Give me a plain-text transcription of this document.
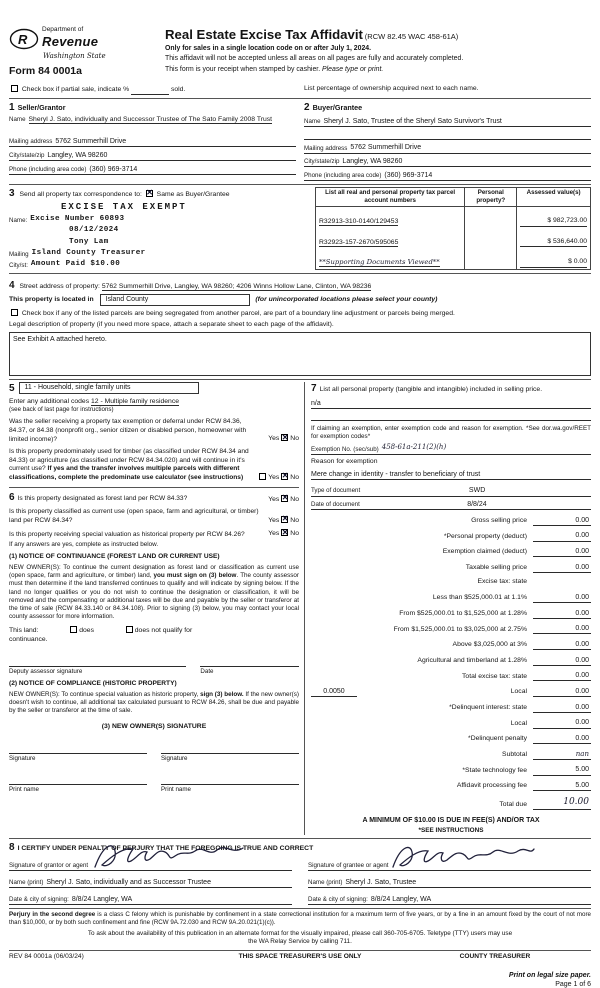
R
Department of
Revenue
Washington State
Form 84 0001a
Real Estate Excise Tax Affidavit (RCW 82.45 WAC 458-61A)
Only for sales in a single location code on or after July 1, 2024.
This affidavit will not be accepted unless all areas on all pages are fully and accurately completed.
This form is your receipt when stamped by cashier. Please type or print.
Check box if partial sale, indicate %	sold.	List percentage of ownership acquired next to each name.
1 Seller/Grantor
Name Sheryl J. Sato, individually and Successor Trustee of The Sato Family 2008 Trust
Mailing address 5762 Summerhill Drive
City/state/zip Langley, WA 98260
Phone (including area code) (360) 969-3714
2 Buyer/Grantee
Name Sheryl J. Sato, Trustee of the Sheryl Sato Survivor's Trust
Mailing address 5762 Summerhill Drive
City/state/zip Langley, WA 98260
Phone (including area code) (360) 969-3714
3 Send all property tax correspondence to: ✕ Same as Buyer/Grantee
EXCISE TAX EXEMPT
Name: Excise Number 60893
08/12/2024
Tony Lam
Mailing Island County Treasurer
City/st: Amount Paid $10.00
List all real and personal property tax parcel account numbers	Personal property?	Assessed value(s)
R32913-310-0140/129453		$ 982,723.00

R32923-157-2670/595065		$ 536,640.00

**Supporting Documents Viewed**		$ 0.00
4 Street address of property: 5762 Summerhill Drive, Langley, WA 98260; 4206 Winns Hollow Lane, Clinton, WA 98236
This property is located in Island County	(for unincorporated locations please select your county)
Check box if any of the listed parcels are being segregated from another parcel, are part of a boundary line adjustment or parcels being merged.
Legal description of property (if you need more space, attach a separate sheet to each page of the affidavit).
See Exhibit A attached hereto.
5 11 - Household, single family units
Enter any additional codes 12 - Multiple family residence
(see back of last page for instructions)
Was the seller receiving a property tax exemption or deferral under RCW 84.36, 84.37, or 84.38 (nonprofit org., senior citizen or disabled person, homeowner with limited income)?	Yes ✕ No
Is this property predominately used for timber (as classified under RCW 84.34 and 84.33) or agriculture (as classified under RCW 84.34.020) and will continue in it's current use? If yes and the transfer involves multiple parcels with different classifications, complete the predominate use calculator (see instructions)	Yes ✕ No
6 Is this property designated as forest land per RCW 84.33?	Yes ✕ No
Is this property classified as current use (open space, farm and agricultural, or timber) land per RCW 84.34?	Yes ✕ No
Is this property receiving special valuation as historical property per RCW 84.26?	Yes ✕ No
If any answers are yes, complete as instructed below.
(1) NOTICE OF CONTINUANCE (FOREST LAND OR CURRENT USE)
NEW OWNER(S): To continue the current designation as forest land or classification as current use (open space, farm and agriculture, or timber) land, you must sign on (3) below. The county assessor must then determine if the land transferred continues to qualify and will indicate by signing below. If the land no longer qualifies or you do not wish to continue the designation or classification, it will be removed and the compensating or additional taxes will be due and payable by the seller or transferor at the time of sale (RCW 84.33.140 or 84.34.108). Prior to signing (3) below, you may contact your local county assessor for more information.
This land:	does	does not qualify for
continuance.
Deputy assessor signature	Date
(2) NOTICE OF COMPLIANCE (HISTORIC PROPERTY)
NEW OWNER(S): To continue special valuation as historic property, sign (3) below. If the new owner(s) doesn't wish to continue, all additional tax calculated pursuant to RCW 84.26, shall be due and payable by the seller or transferor at the time of sale.
(3) NEW OWNER(S) SIGNATURE
Signature	Signature
Print name	Print name
7 List all personal property (tangible and intangible) included in selling price.
n/a
If claiming an exemption, enter exemption code and reason for exemption. *See dor.wa.gov/REET for exemption codes*
Exemption No. (sec/sub) 458-61a-211(2)(h)
Reason for exemption
Mere change in identity - transfer to beneficiary of trust
Type of document	SWD
Date of document	8/8/24
Gross selling price	0.00
*Personal property (deduct)	0.00
Exemption claimed (deduct)	0.00
Taxable selling price	0.00
Excise tax: state
Less than $525,000.01 at 1.1%	0.00
From $525,000.01 to $1,525,000 at 1.28%	0.00
From $1,525,000.01 to $3,025,000 at 2.75%	0.00
Above $3,025,000 at 3%	0.00
Agricultural and timberland at 1.28%	0.00
Total excise tax: state	0.00
0.0050	Local	0.00
*Delinquent interest: state	0.00
Local	0.00
*Delinquent penalty	0.00
Subtotal	nan
*State technology fee	5.00
Affidavit processing fee	5.00
Total due	10.00
A MINIMUM OF $10.00 IS DUE IN FEE(S) AND/OR TAX
*SEE INSTRUCTIONS
8 I CERTIFY UNDER PENALTY OF PERJURY THAT THE FOREGOING IS TRUE AND CORRECT
Signature of grantor or agent
Name (print) Sheryl J. Sato, individually and as Successor Trustee
Date & city of signing: 8/8/24 Langley, WA
Signature of grantee or agent
Name (print) Sheryl J. Sato, Trustee
Date & city of signing: 8/8/24 Langley, WA
Perjury in the second degree is a class C felony which is punishable by confinement in a state correctional institution for a maximum term of five years, or by a fine in an amount fixed by the court of not more than $10,000, or by both such confinement and fine (RCW 9A.72.030 and RCW 9A.20.021(1)(c)).
To ask about the availability of this publication in an alternate format for the visually impaired, please call 360-705-6705. Teletype (TTY) users may use the WA Relay Service by calling 711.
REV 84 0001a (06/03/24)	THIS SPACE TREASURER'S USE ONLY	COUNTY TREASURER
Print on legal size paper.
Page 1 of 6
